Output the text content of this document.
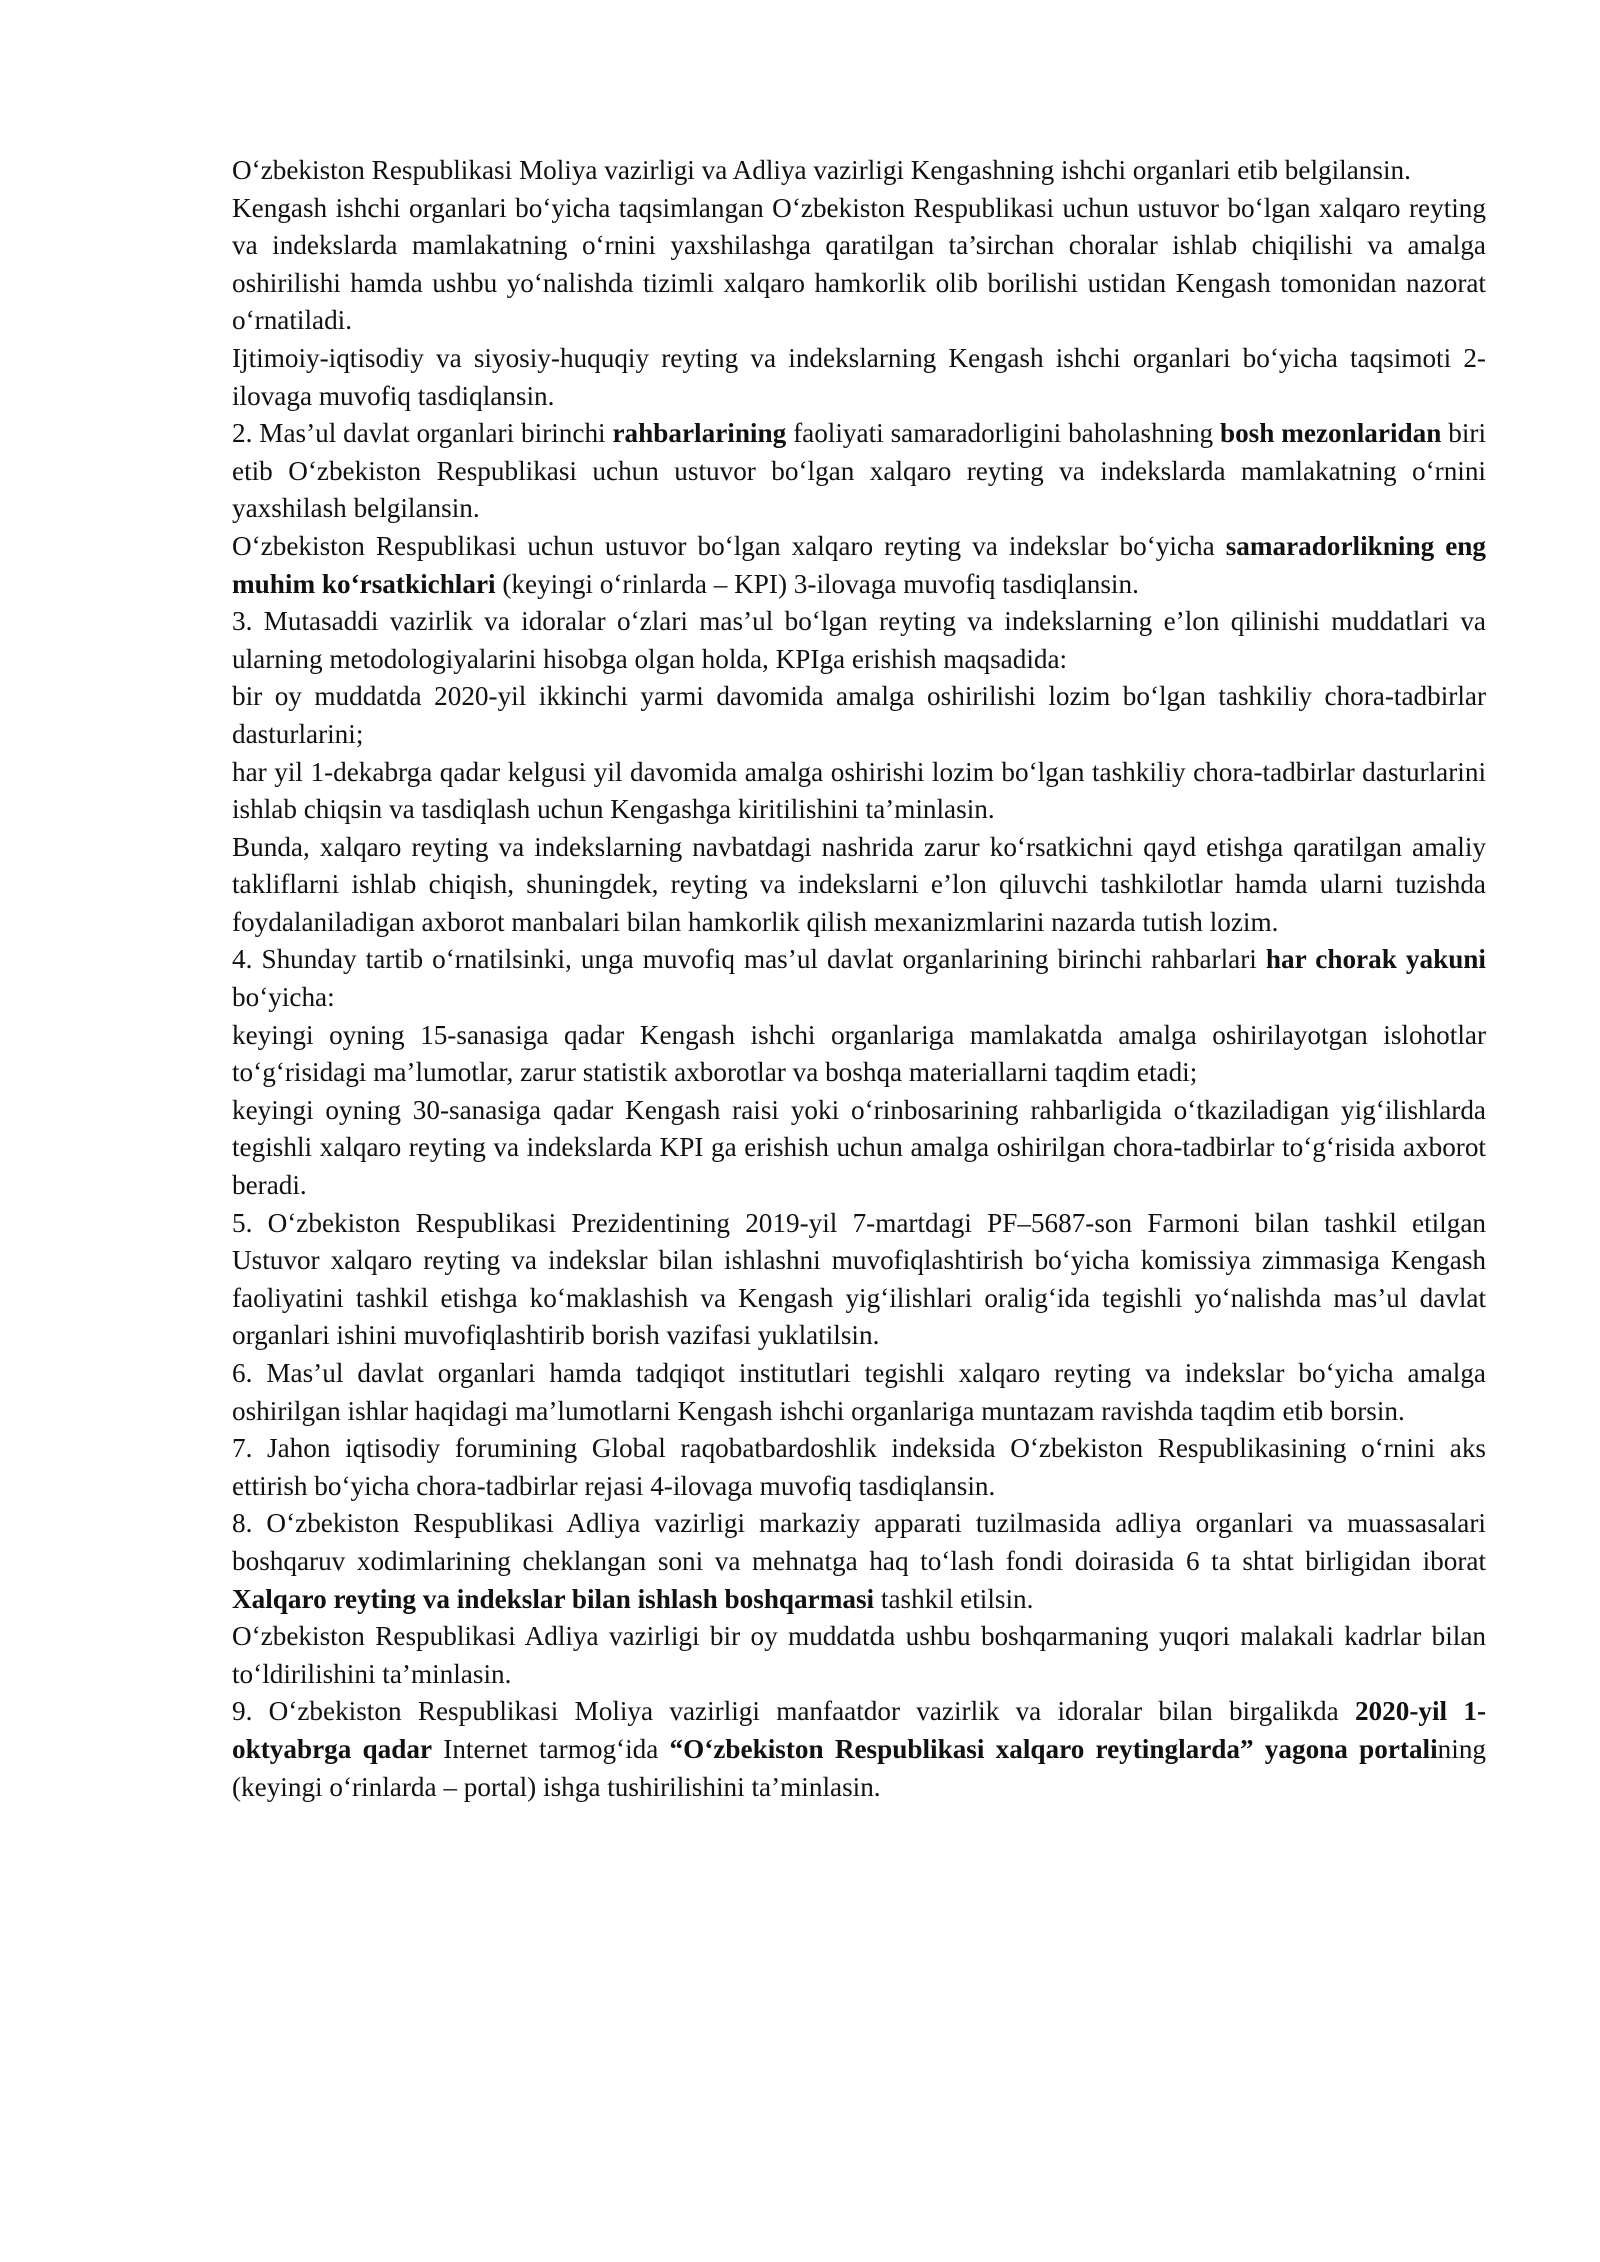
O‘zbekiston Respublikasi Moliya vazirligi va Adliya vazirligi Kengashning ishchi organlari etib belgilansin.

Kengash ishchi organlari bo‘yicha taqsimlangan O‘zbekiston Respublikasi uchun ustuvor bo‘lgan xalqaro reyting va indekslarda mamlakatning o‘rnini yaxshilashga qaratilgan ta’sirchan choralar ishlab chiqilishi va amalga oshirilishi hamda ushbu yo‘nalishda tizimli xalqaro hamkorlik olib borilishi ustidan Kengash tomonidan nazorat o‘rnatiladi.

Ijtimoiy-iqtisodiy va siyosiy-huquqiy reyting va indekslarning Kengash ishchi organlari bo‘yicha taqsimoti 2-ilovaga muvofiq tasdiqlansin.

2. Mas’ul davlat organlari birinchi rahbarlarining faoliyati samaradorligini baholashning bosh mezonlaridan biri etib O‘zbekiston Respublikasi uchun ustuvor bo‘lgan xalqaro reyting va indekslarda mamlakatning o‘rnini yaxshilash belgilansin.

O‘zbekiston Respublikasi uchun ustuvor bo‘lgan xalqaro reyting va indekslar bo‘yicha samaradorlikning eng muhim ko‘rsatkichlari (keyingi o‘rinlarda – KPI) 3-ilovaga muvofiq tasdiqlansin.

3. Mutasaddi vazirlik va idoralar o‘zlari mas’ul bo‘lgan reyting va indekslarning e’lon qilinishi muddatlari va ularning metodologiyalarini hisobga olgan holda, KPIga erishish maqsadida:

bir oy muddatda 2020-yil ikkinchi yarmi davomida amalga oshirilishi lozim bo‘lgan tashkiliy chora-tadbirlar dasturlarini;

har yil 1-dekabrga qadar kelgusi yil davomida amalga oshirishi lozim bo‘lgan tashkiliy chora-tadbirlar dasturlarini ishlab chiqsin va tasdiqlash uchun Kengashga kiritilishini ta’minlasin.

Bunda, xalqaro reyting va indekslarning navbatdagi nashrida zarur ko‘rsatkichni qayd etishga qaratilgan amaliy takliflarni ishlab chiqish, shuningdek, reyting va indekslarni e’lon qiluvchi tashkilotlar hamda ularni tuzishda foydalaniladigan axborot manbalari bilan hamkorlik qilish mexanizmlarini nazarda tutish lozim.

4. Shunday tartib o‘rnatilsinki, unga muvofiq mas’ul davlat organlarining birinchi rahbarlari har chorak yakuni bo‘yicha:

keyingi oyning 15-sanasiga qadar Kengash ishchi organlariga mamlakatda amalga oshirilayotgan islohotlar to‘g‘risidagi ma’lumotlar, zarur statistik axborotlar va boshqa materiallarni taqdim etadi;

keyingi oyning 30-sanasiga qadar Kengash raisi yoki o‘rinbosarining rahbarligida o‘tkaziladigan yig‘ilishlarda tegishli xalqaro reyting va indekslarda KPI ga erishish uchun amalga oshirilgan chora-tadbirlar to‘g‘risida axborot beradi.

5. O‘zbekiston Respublikasi Prezidentining 2019-yil 7-martdagi PF–5687-son Farmoni bilan tashkil etilgan Ustuvor xalqaro reyting va indekslar bilan ishlashni muvofiqlashtirish bo‘yicha komissiya zimmasiga Kengash faoliyatini tashkil etishga ko‘maklashish va Kengash yig‘ilishlari oralig‘ida tegishli yo‘nalishda mas’ul davlat organlari ishini muvofiqlashtirib borish vazifasi yuklatilsin.

6. Mas’ul davlat organlari hamda tadqiqot institutlari tegishli xalqaro reyting va indekslar bo‘yicha amalga oshirilgan ishlar haqidagi ma’lumotlarni Kengash ishchi organlariga muntazam ravishda taqdim etib borsin.

7. Jahon iqtisodiy forumining Global raqobatbardoshlik indeksida O‘zbekiston Respublikasining o‘rnini aks ettirish bo‘yicha chora-tadbirlar rejasi 4-ilovaga muvofiq tasdiqlansin.

8. O‘zbekiston Respublikasi Adliya vazirligi markaziy apparati tuzilmasida adliya organlari va muassasalari boshqaruv xodimlarining cheklangan soni va mehnatga haq to‘lash fondi doirasida 6 ta shtat birligidan iborat Xalqaro reyting va indekslar bilan ishlash boshqarmasi tashkil etilsin.

O‘zbekiston Respublikasi Adliya vazirligi bir oy muddatda ushbu boshqarmaning yuqori malakali kadrlar bilan to‘ldirilishini ta’minlasin.

9. O‘zbekiston Respublikasi Moliya vazirligi manfaatdor vazirlik va idoralar bilan birgalikda 2020-yil 1-oktyabrga qadar Internet tarmog‘ida “O‘zbekiston Respublikasi xalqaro reytinglarda” yagona portalining (keyingi o‘rinlarda – portal) ishga tushirilishini ta’minlasin.
